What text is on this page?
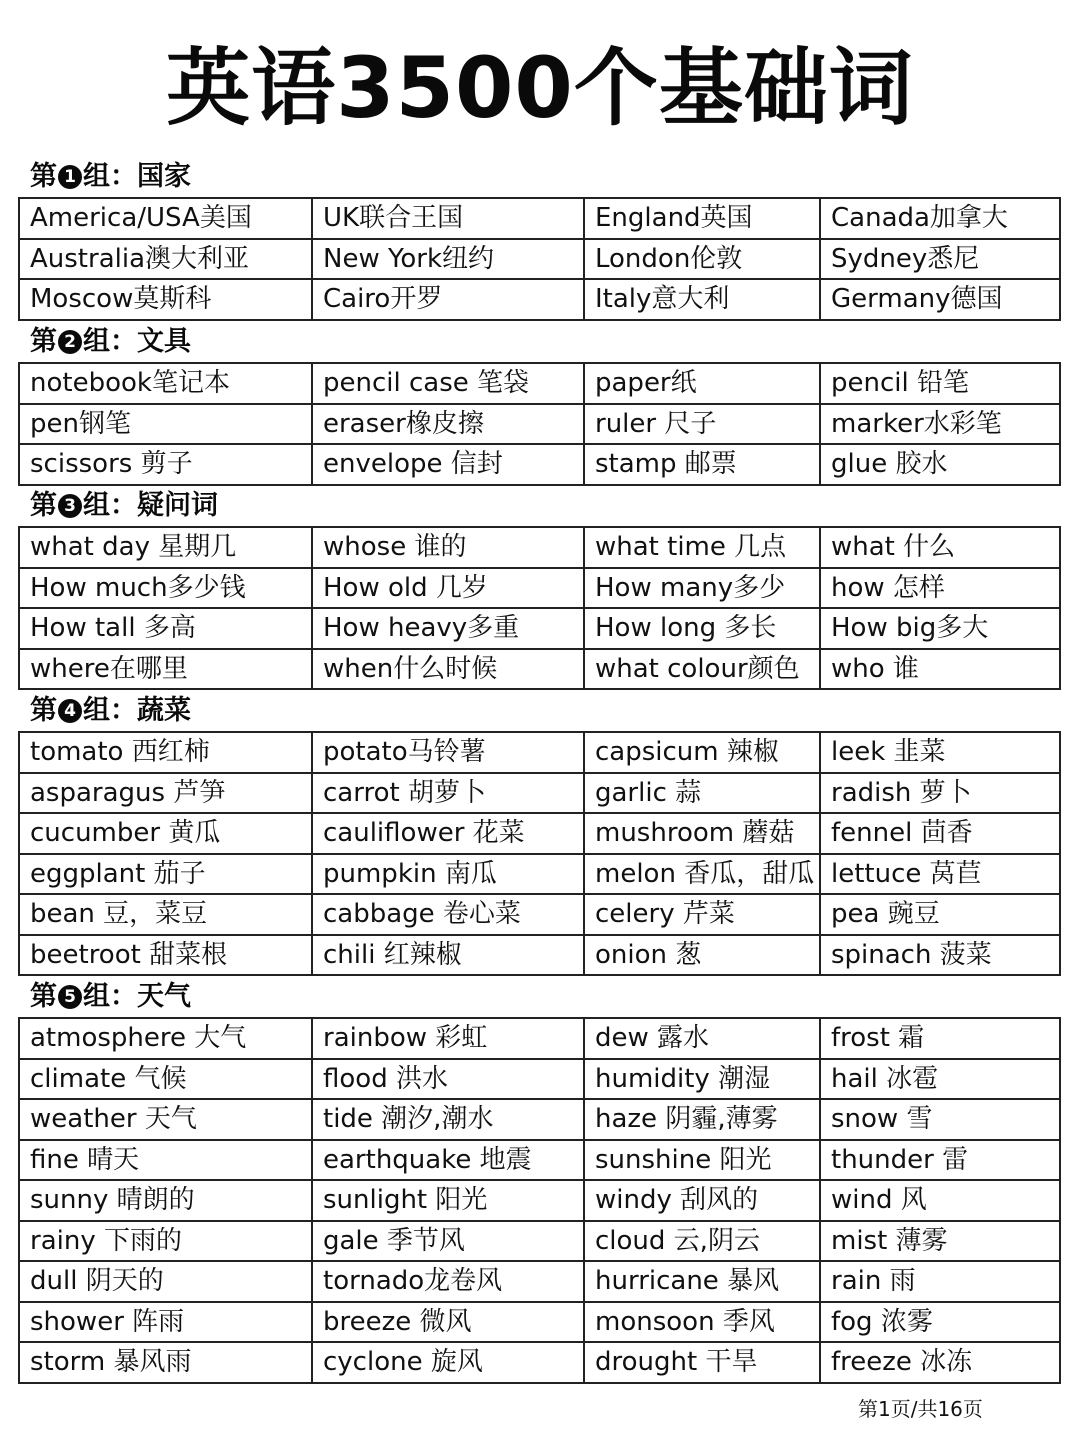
英语3500个基础词
第 1 组：国家
America/USA美国	UK联合王国	England英国	Canada加拿大
Australia澳大利亚	New York纽约	London伦敦	Sydney悉尼
Moscow莫斯科	Cairo开罗	Italy意大利	Germany德国
第 2 组：文具
notebook笔记本	pencil case 笔袋	paper纸	pencil 铅笔
pen钢笔	eraser橡皮擦	ruler 尺子	marker水彩笔
scissors 剪子	envelope 信封	stamp 邮票	glue 胶水
第 3 组：疑问词
what day 星期几	whose 谁的	what time 几点	what 什么
How much多少钱	How old 几岁	How many多少	how 怎样
How tall 多高	How heavy多重	How long 多长	How big多大
where在哪里	when什么时候	what colour颜色	who 谁
第 4 组：蔬菜
tomato 西红柿	potato马铃薯	capsicum 辣椒	leek 韭菜
asparagus 芦笋	carrot 胡萝卜	garlic 蒜	radish 萝卜
cucumber 黄瓜	cauliflower 花菜	mushroom 蘑菇	fennel 茴香
eggplant 茄子	pumpkin 南瓜	melon 香瓜，甜瓜	lettuce 莴苣
bean 豆，菜豆	cabbage 卷心菜	celery 芹菜	pea 豌豆
beetroot 甜菜根	chili 红辣椒	onion 葱	spinach 菠菜
第 5 组：天气
atmosphere 大气	rainbow 彩虹	dew 露水	frost 霜
climate 气候	flood 洪水	humidity 潮湿	hail 冰雹
weather 天气	tide 潮汐,潮水	haze 阴霾,薄雾	snow 雪
fine 晴天	earthquake 地震	sunshine 阳光	thunder 雷
sunny 晴朗的	sunlight 阳光	windy 刮风的	wind 风
rainy 下雨的	gale 季节风	cloud 云,阴云	mist 薄雾
dull 阴天的	tornado龙卷风	hurricane 暴风	rain 雨
shower 阵雨	breeze 微风	monsoon 季风	fog 浓雾
storm 暴风雨	cyclone 旋风	drought 干旱	freeze 冰冻
第1页/共16页
